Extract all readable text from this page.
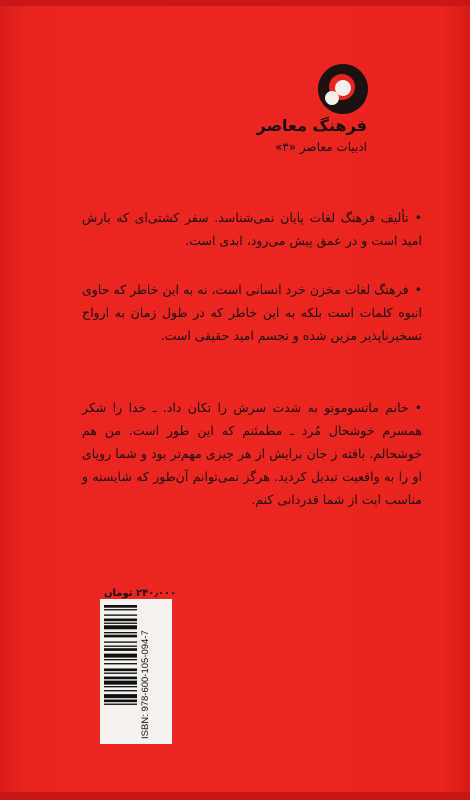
فرهنگ معاصر
ادبیات معاصر «۳»
•تألیف فرهنگ لغات پایان نمی‌شناسد. سفر کشتی‌ای که بارش امید است و در عمق پیش می‌رود، ابدی است.
•فرهنگ لغات مخزن خرد انسانی است، نه به این خاطر که حاوی انبوه کلمات است بلکه به این خاطر که در طول زمان به ارواح تسخیرناپذیر مزین شده و تجسم امید حقیقی است.
•خانم ماتسوموتو به شدت سرش را تکان داد. ـ خدا را شکر همسرم خوشحال مُرد ـ مطمئنم که این طور است. من هم خوشحالم. بافته ز جان برایش از هر چیزی مهم‌تر بود و شما رویای او را به واقعیت تبدیل کردید. هرگز نمی‌توانم آن‌طور که شایسته و مناسب ایت از شما قدردانی کنم.
۲۴۰٫۰۰۰ تومان
ISBN: 978-600-105-094-7
